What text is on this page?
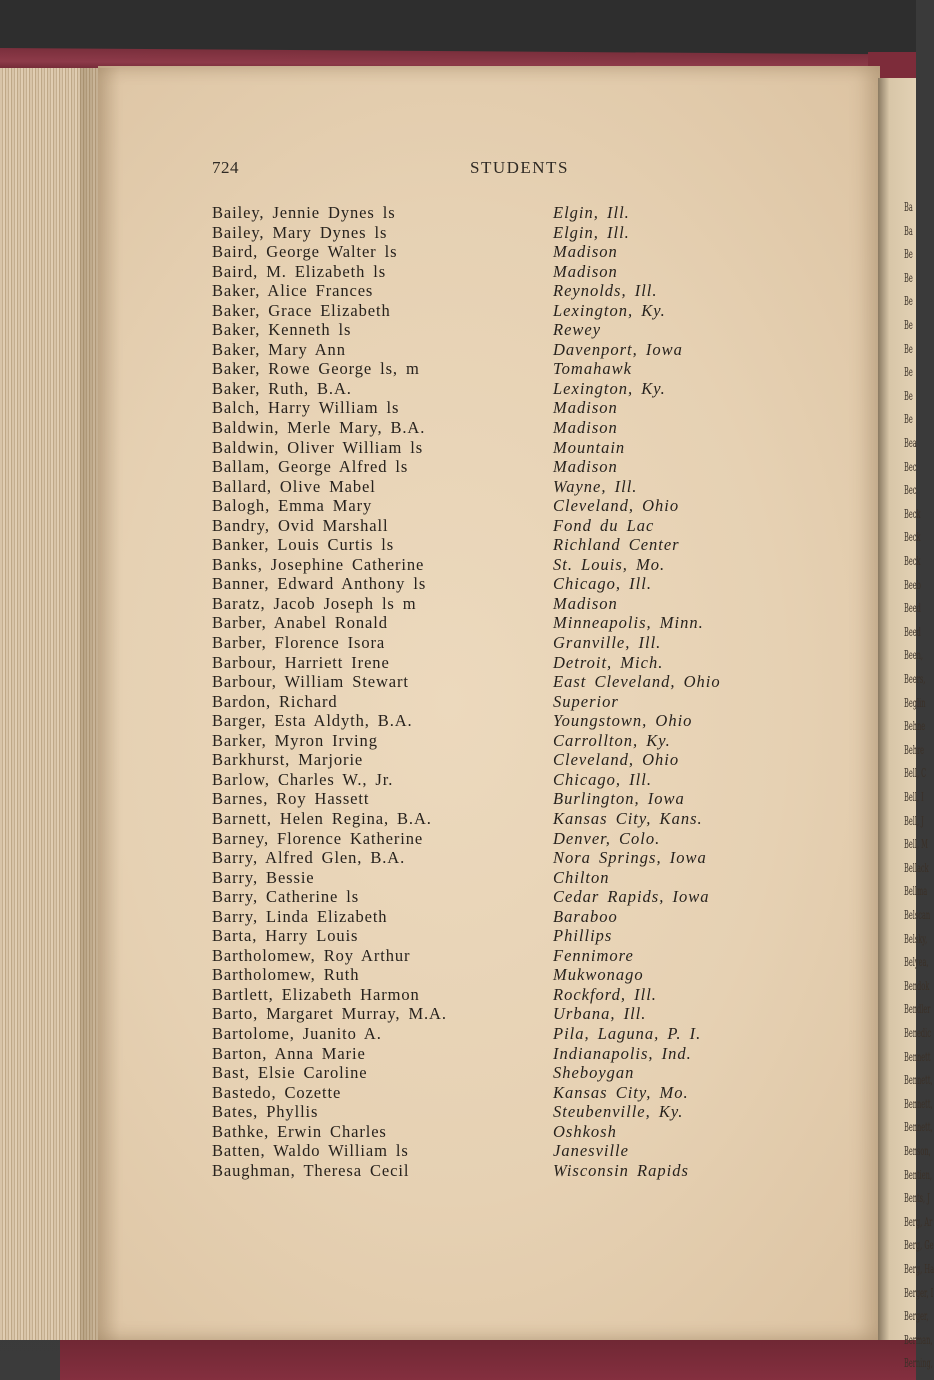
Ba
Ba
Be
Be
Be
Be
Be
Be
Be
Be
Bea
Bec
Bec
Beck
Beck
Beck
Beeb
Beed
Beed
Been,
Beers,
Beglin
Behne
Behre
Bell, C
Bell, I
Bell, J
Bell, M
Bellack
Bellma
Belscan
Belsky,
Belyea,
Bendok
Bendler
Benedic
Bennett
Bennett,
Bennett,
Bennett,
Benson,
Bentien,
Bents, J
Berg, Ar
Berg, Ge
Berg, Ha
Berger, I
Berger,
Berman,
Berning,
724	STUDENTS
Bailey, Jennie Dynes ls	Elgin, Ill.
Bailey, Mary Dynes ls	Elgin, Ill.
Baird, George Walter ls	Madison
Baird, M. Elizabeth ls	Madison
Baker, Alice Frances	Reynolds, Ill.
Baker, Grace Elizabeth	Lexington, Ky.
Baker, Kenneth ls	Rewey
Baker, Mary Ann	Davenport, Iowa
Baker, Rowe George ls, m	Tomahawk
Baker, Ruth, B.A.	Lexington, Ky.
Balch, Harry William ls	Madison
Baldwin, Merle Mary, B.A.	Madison
Baldwin, Oliver William ls	Mountain
Ballam, George Alfred ls	Madison
Ballard, Olive Mabel	Wayne, Ill.
Balogh, Emma Mary	Cleveland, Ohio
Bandry, Ovid Marshall	Fond du Lac
Banker, Louis Curtis ls	Richland Center
Banks, Josephine Catherine	St. Louis, Mo.
Banner, Edward Anthony ls	Chicago, Ill.
Baratz, Jacob Joseph ls m	Madison
Barber, Anabel Ronald	Minneapolis, Minn.
Barber, Florence Isora	Granville, Ill.
Barbour, Harriett Irene	Detroit, Mich.
Barbour, William Stewart	East Cleveland, Ohio
Bardon, Richard	Superior
Barger, Esta Aldyth, B.A.	Youngstown, Ohio
Barker, Myron Irving	Carrollton, Ky.
Barkhurst, Marjorie	Cleveland, Ohio
Barlow, Charles W., Jr.	Chicago, Ill.
Barnes, Roy Hassett	Burlington, Iowa
Barnett, Helen Regina, B.A.	Kansas City, Kans.
Barney, Florence Katherine	Denver, Colo.
Barry, Alfred Glen, B.A.	Nora Springs, Iowa
Barry, Bessie	Chilton
Barry, Catherine ls	Cedar Rapids, Iowa
Barry, Linda Elizabeth	Baraboo
Barta, Harry Louis	Phillips
Bartholomew, Roy Arthur	Fennimore
Bartholomew, Ruth	Mukwonago
Bartlett, Elizabeth Harmon	Rockford, Ill.
Barto, Margaret Murray, M.A.	Urbana, Ill.
Bartolome, Juanito A.	Pila, Laguna, P. I.
Barton, Anna Marie	Indianapolis, Ind.
Bast, Elsie Caroline	Sheboygan
Bastedo, Cozette	Kansas City, Mo.
Bates, Phyllis	Steubenville, Ky.
Bathke, Erwin Charles	Oshkosh
Batten, Waldo William ls	Janesville
Baughman, Theresa Cecil	Wisconsin Rapids
